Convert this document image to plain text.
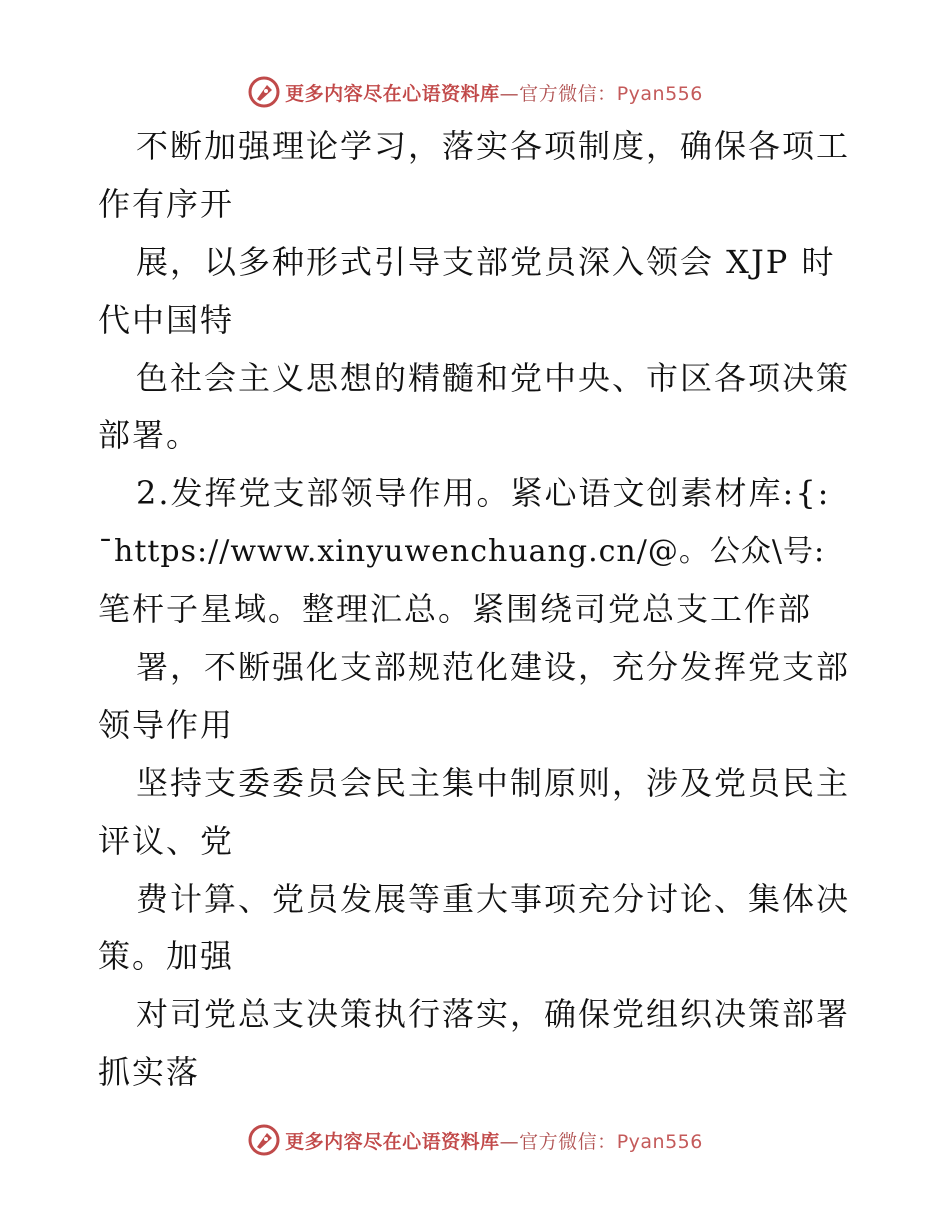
更多内容尽在心语资料库—官方微信：Pyan556
不断加强理论学习，落实各项制度，确保各项工
作有序开
展，以多种形式引导支部党员深入领会 XJP 时
代中国特
色社会主义思想的精髓和党中央、市区各项决策
部署。
2.发挥党支部领导作用。紧心语文创素材库:{:
¯https://www.xinyuwenchuang.cn/@。公众\号:
笔杆子星域。整理汇总。紧围绕司党总支工作部
署，不断强化支部规范化建设，充分发挥党支部
领导作用
坚持支委委员会民主集中制原则，涉及党员民主
评议、党
费计算、党员发展等重大事项充分讨论、集体决
策。加强
对司党总支决策执行落实，确保党组织决策部署
抓实落
更多内容尽在心语资料库—官方微信：Pyan556
